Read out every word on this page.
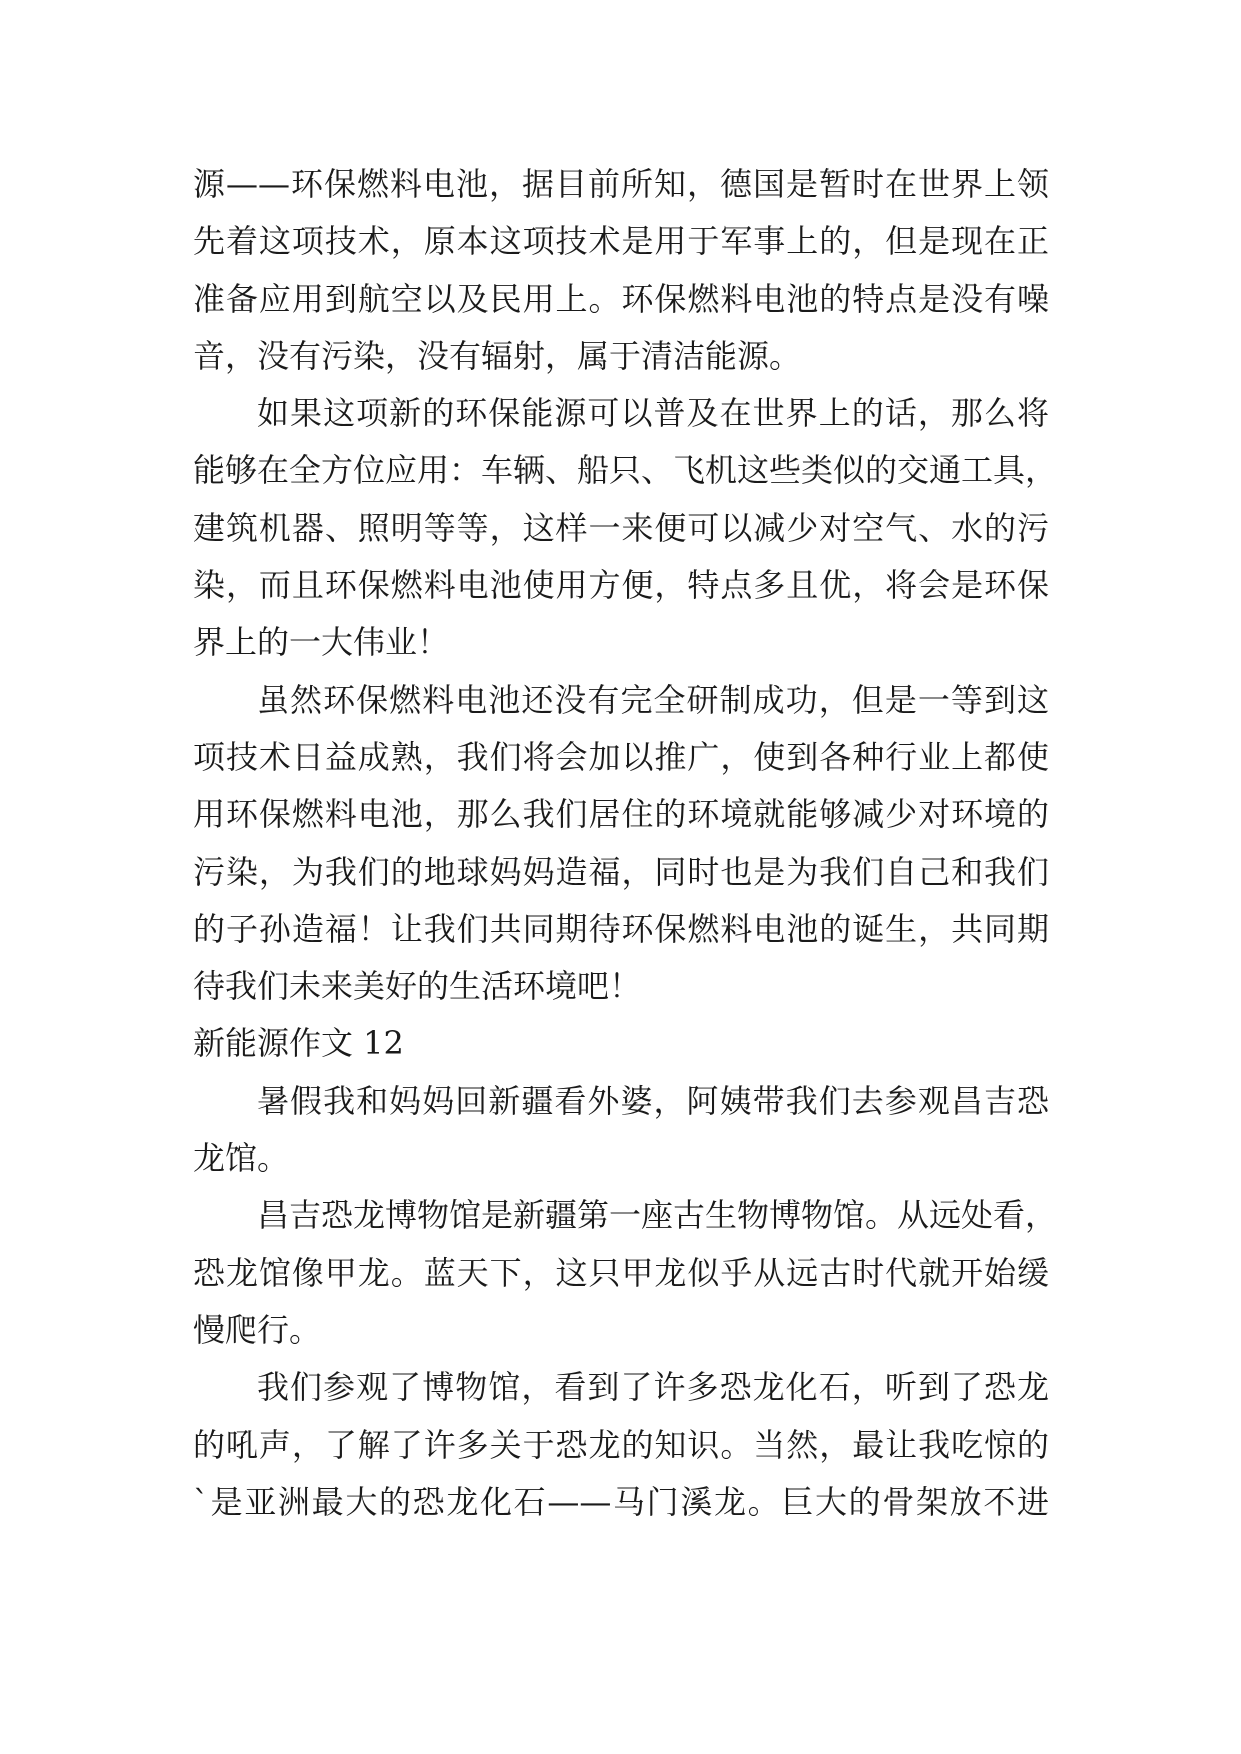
源——环保燃料电池，据目前所知，德国是暂时在世界上领
先着这项技术，原本这项技术是用于军事上的，但是现在正
准备应用到航空以及民用上。环保燃料电池的特点是没有噪
音，没有污染，没有辐射，属于清洁能源。
如果这项新的环保能源可以普及在世界上的话，那么将
能够在全方位应用：车辆、船只、飞机这些类似的交通工具，
建筑机器、照明等等，这样一来便可以减少对空气、水的污
染，而且环保燃料电池使用方便，特点多且优，将会是环保
界上的一大伟业！
虽然环保燃料电池还没有完全研制成功，但是一等到这
项技术日益成熟，我们将会加以推广，使到各种行业上都使
用环保燃料电池，那么我们居住的环境就能够减少对环境的
污染，为我们的地球妈妈造福，同时也是为我们自己和我们
的子孙造福！让我们共同期待环保燃料电池的诞生，共同期
待我们未来美好的生活环境吧！
新能源作文 12
暑假我和妈妈回新疆看外婆，阿姨带我们去参观昌吉恐
龙馆。
昌吉恐龙博物馆是新疆第一座古生物博物馆。从远处看，
恐龙馆像甲龙。蓝天下，这只甲龙似乎从远古时代就开始缓
慢爬行。
我们参观了博物馆，看到了许多恐龙化石，听到了恐龙
的吼声，了解了许多关于恐龙的知识。当然，最让我吃惊的
`是亚洲最大的恐龙化石——马门溪龙。巨大的骨架放不进
